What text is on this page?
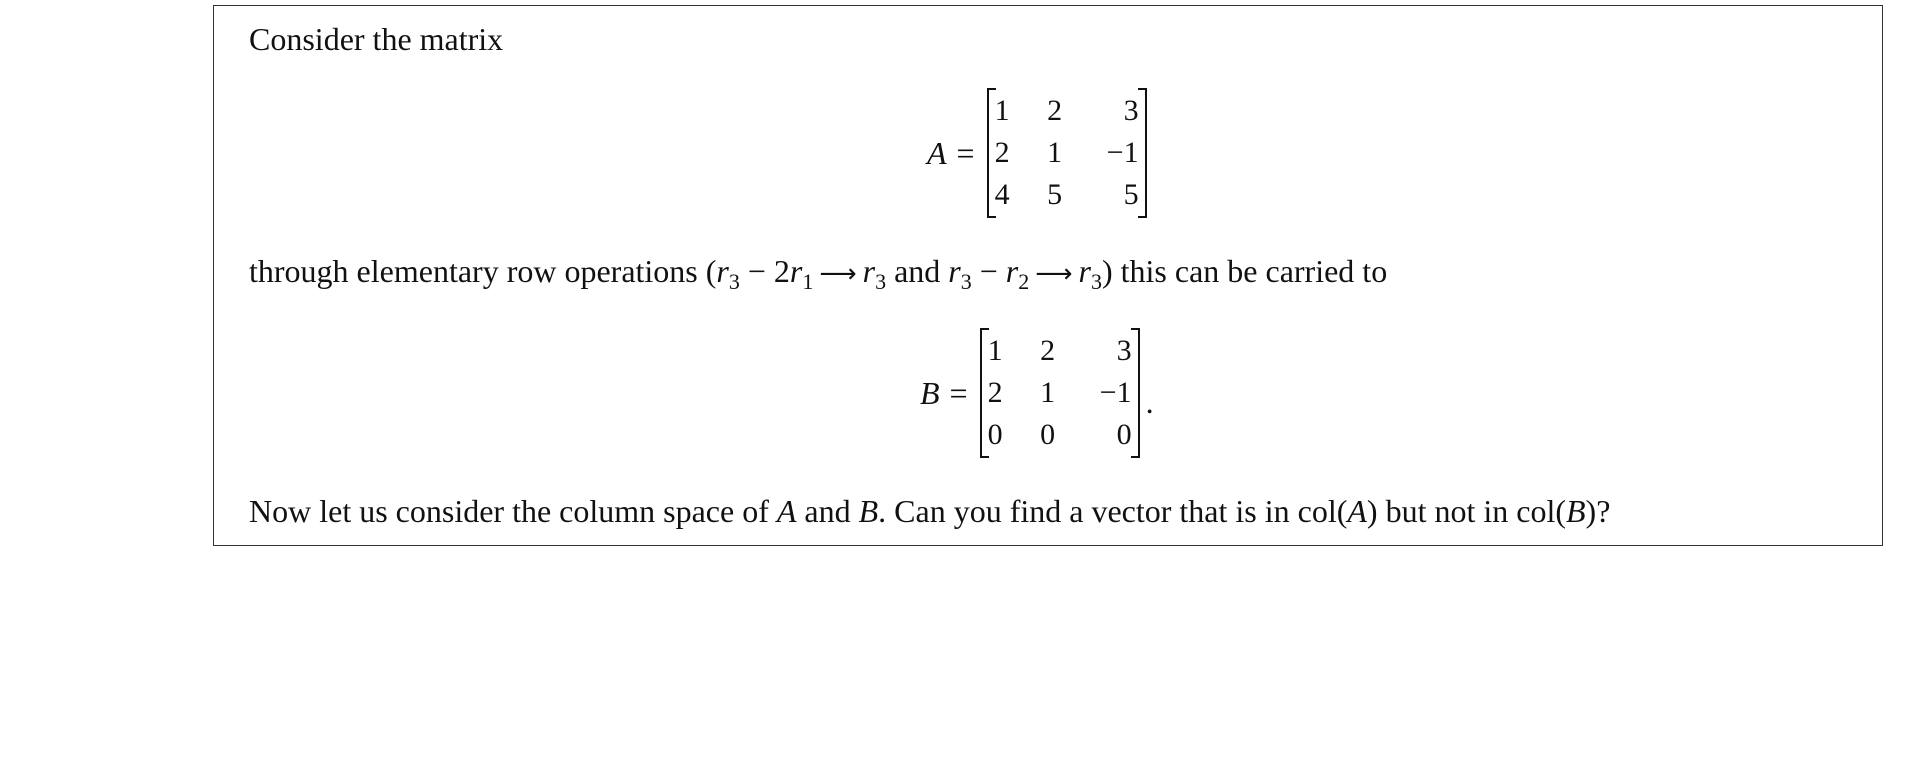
Consider the matrix
A =
1	2	3
2	1	−1
4	5	5
through elementary row operations ($r_3 - 2r_1$ ⟶ $r_3$ and $r_3 - r_2$ ⟶ $r_3$) this can be carried to
B =
1	2	3
2	1	−1
0	0	0
.
Now let us consider the column space of A and B. Can you find a vector that is in col(A) but not in col(B)?
